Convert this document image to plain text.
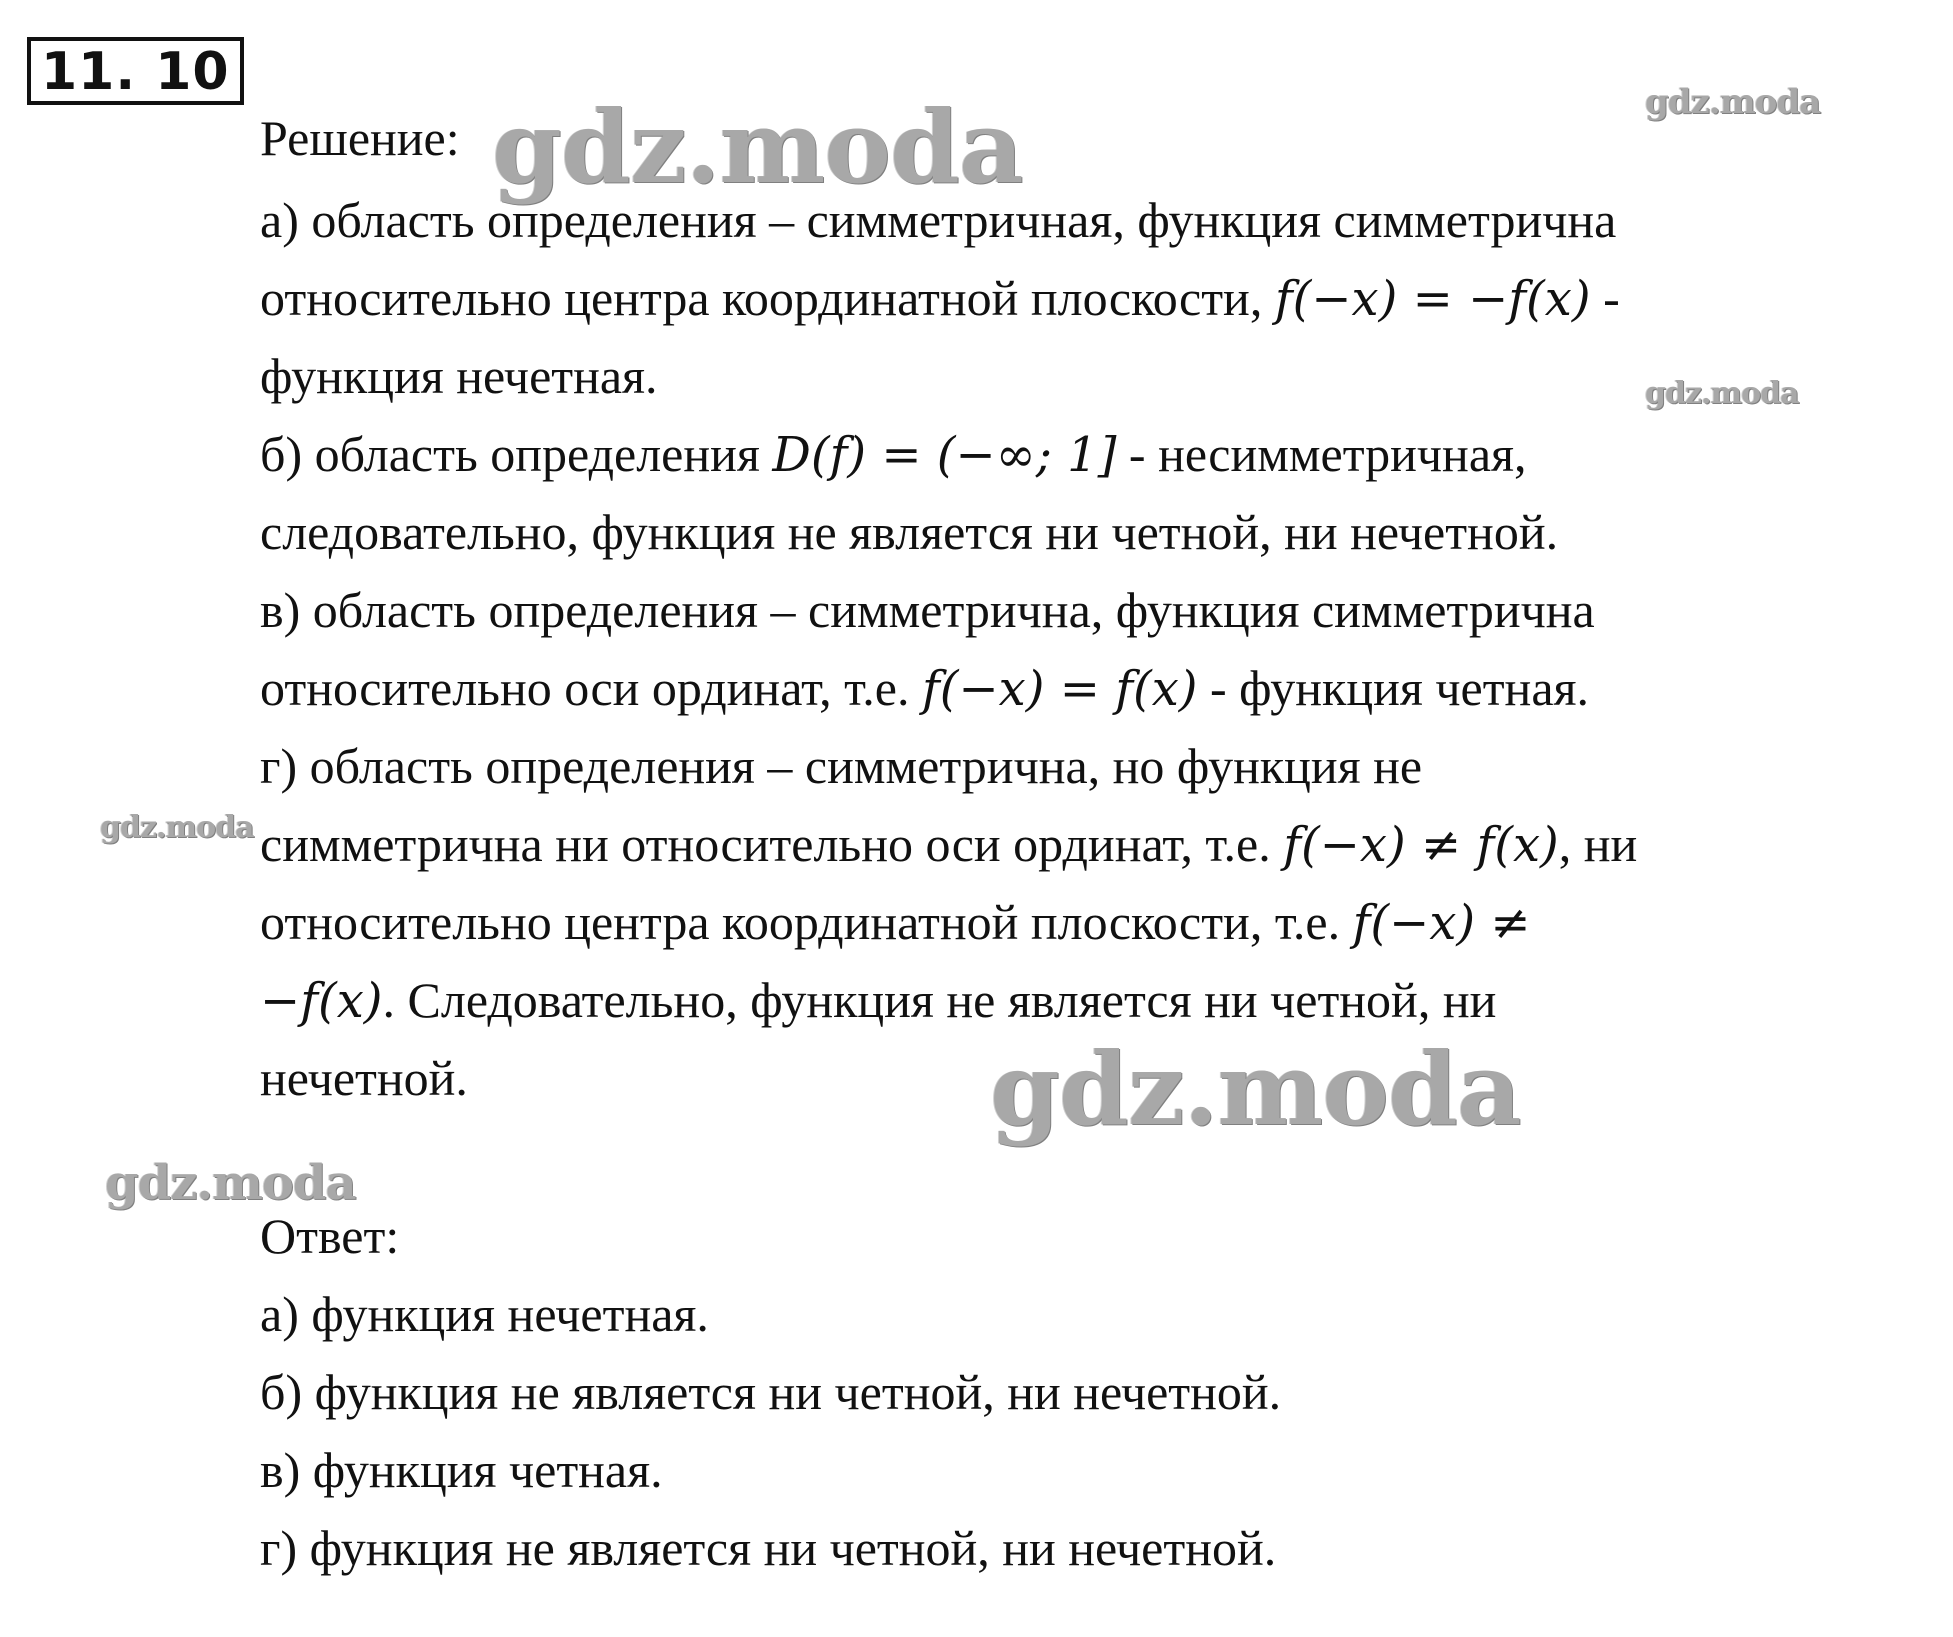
11. 10
Решение:
а) область определения – симметричная, функция симметрична
относительно центра координатной плоскости, f(−x) = −f(x) -
функция нечетная.
б) область определения D(f) = (−∞; 1] - несимметричная,
следовательно, функция не является ни четной, ни нечетной.
в) область определения – симметрична, функция симметрична
относительно оси ординат, т.е. f(−x) = f(x) - функция четная.
г) область определения – симметрична, но функция не
симметрична ни относительно оси ординат, т.е. f(−x) ≠ f(x), ни
относительно центра координатной плоскости, т.е. f(−x) ≠
−f(x). Следовательно, функция не является ни четной, ни
нечетной.
Ответ:
а) функция нечетная.
б) функция не является ни четной, ни нечетной.
в) функция четная.
г) функция не является ни четной, ни нечетной.
gdz.moda	gdz.moda
gdz.moda
gdz.moda
gdz.moda
gdz.moda
